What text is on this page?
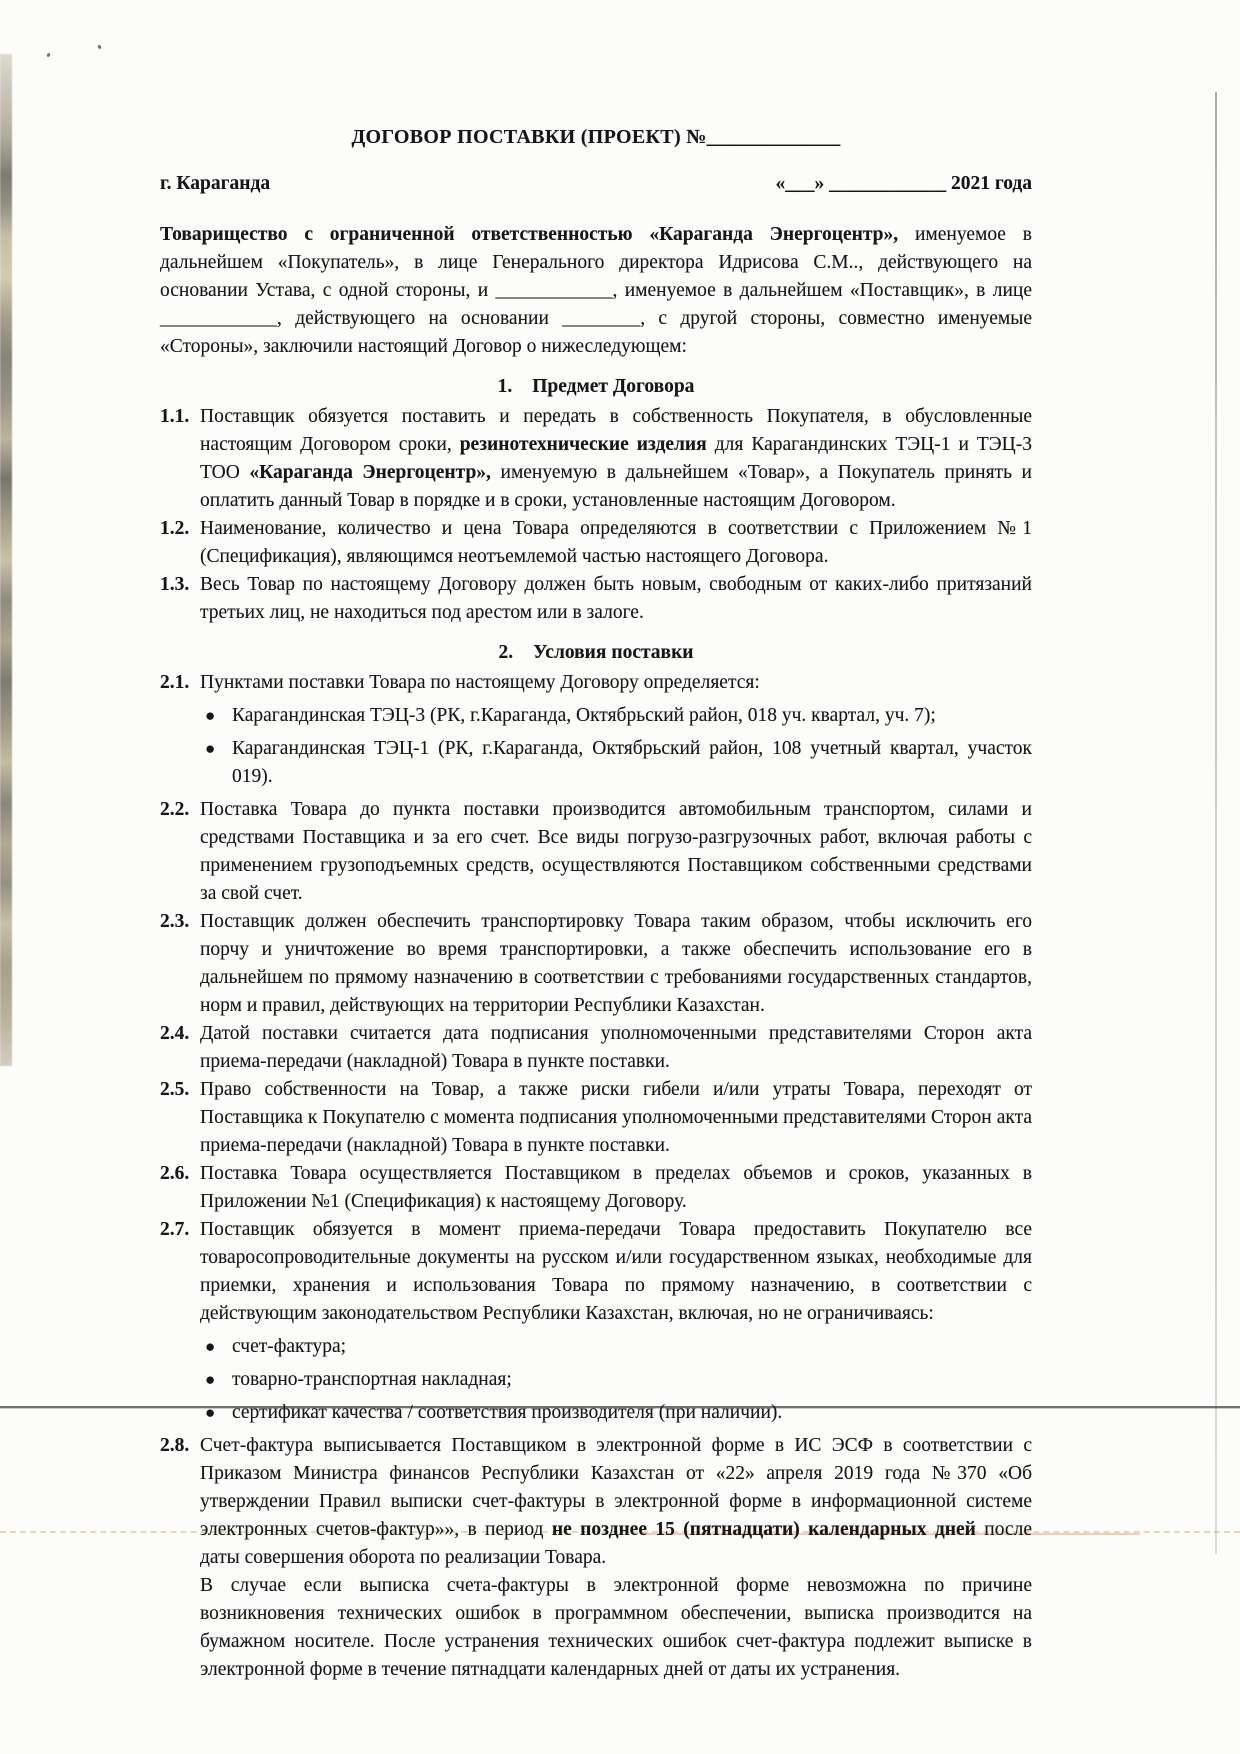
ДОГОВОР ПОСТАВКИ (ПРОЕКТ) №_____________
г. Караганда	«___» ____________ 2021 года

Товарищество с ограниченной ответственностью «Караганда Энергоцентр», именуемое в дальнейшем «Покупатель», в лице Генерального директора Идрисова С.М.., действующего на основании Устава, с одной стороны, и ____________, именуемое в дальнейшем «Поставщик», в лице ____________, действующего на основании ________, с другой стороны, совместно именуемые «Стороны», заключили настоящий Договор о нижеследующем:

1. Предмет Договора

1.1. Поставщик обязуется поставить и передать в собственность Покупателя, в обусловленные настоящим Договором сроки, резинотехнические изделия для Карагандинских ТЭЦ-1 и ТЭЦ-3 ТОО «Караганда Энергоцентр», именуемую в дальнейшем «Товар», а Покупатель принять и оплатить данный Товар в порядке и в сроки, установленные настоящим Договором.

1.2. Наименование, количество и цена Товара определяются в соответствии с Приложением №1 (Спецификация), являющимся неотъемлемой частью настоящего Договора.

1.3. Весь Товар по настоящему Договору должен быть новым, свободным от каких-либо притязаний третьих лиц, не находиться под арестом или в залоге.

2. Условия поставки

2.1. Пунктами поставки Товара по настоящему Договору определяется:

● Карагандинская ТЭЦ-3 (РК, г.Караганда, Октябрьский район, 018 уч. квартал, уч. 7);

● Карагандинская ТЭЦ-1 (РК, г.Караганда, Октябрьский район, 108 учетный квартал, участок 019).

2.2. Поставка Товара до пункта поставки производится автомобильным транспортом, силами и средствами Поставщика и за его счет. Все виды погрузо-разгрузочных работ, включая работы с применением грузоподъемных средств, осуществляются Поставщиком собственными средствами за свой счет.

2.3. Поставщик должен обеспечить транспортировку Товара таким образом, чтобы исключить его порчу и уничтожение во время транспортировки, а также обеспечить использование его в дальнейшем по прямому назначению в соответствии с требованиями государственных стандартов, норм и правил, действующих на территории Республики Казахстан.

2.4. Датой поставки считается дата подписания уполномоченными представителями Сторон акта приема-передачи (накладной) Товара в пункте поставки.

2.5. Право собственности на Товар, а также риски гибели и/или утраты Товара, переходят от Поставщика к Покупателю с момента подписания уполномоченными представителями Сторон акта приема-передачи (накладной) Товара в пункте поставки.

2.6. Поставка Товара осуществляется Поставщиком в пределах объемов и сроков, указанных в Приложении №1 (Спецификация) к настоящему Договору.

2.7. Поставщик обязуется в момент приема-передачи Товара предоставить Покупателю все товаросопроводительные документы на русском и/или государственном языках, необходимые для приемки, хранения и использования Товара по прямому назначению, в соответствии с действующим законодательством Республики Казахстан, включая, но не ограничиваясь:

● счет-фактура;

● товарно-транспортная накладная;

● сертификат качества / соответствия производителя (при наличии).

2.8. Счет-фактура выписывается Поставщиком в электронной форме в ИС ЭСФ в соответствии с Приказом Министра финансов Республики Казахстан от «22» апреля 2019 года №370 «Об утверждении Правил выписки счет-фактуры в электронной форме в информационной системе электронных счетов-фактур»», в период не позднее 15 (пятнадцати) календарных дней после даты совершения оборота по реализации Товара.

В случае если выписка счета-фактуры в электронной форме невозможна по причине возникновения технических ошибок в программном обеспечении, выписка производится на бумажном носителе. После устранения технических ошибок счет-фактура подлежит выписке в электронной форме в течение пятнадцати календарных дней от даты их устранения.
